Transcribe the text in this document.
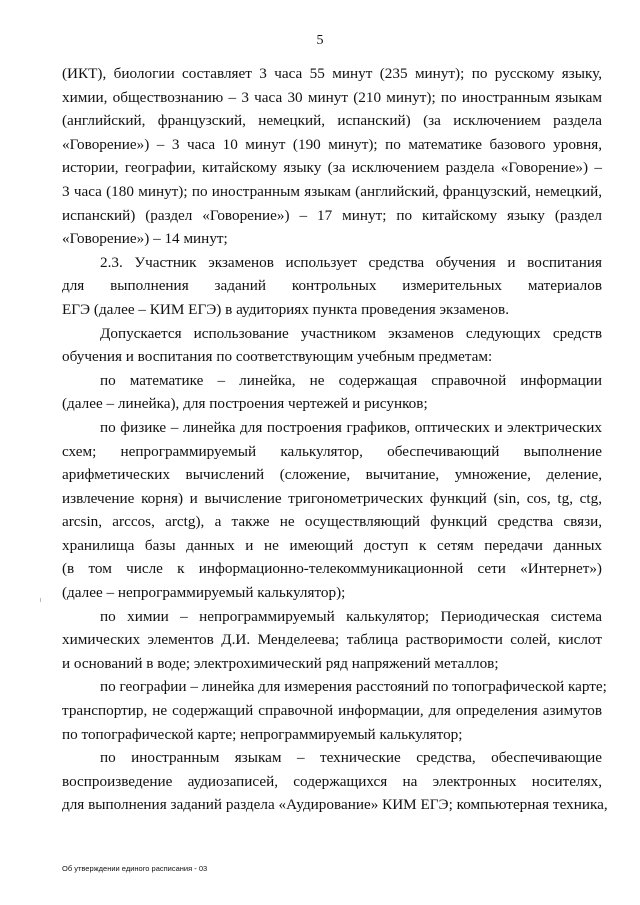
5

(ИКТ), биологии составляет 3 часа 55 минут (235 минут); по русскому языку,
химии, обществознанию – 3 часа 30 минут (210 минут); по иностранным языкам
(английский, французский, немецкий, испанский) (за исключением раздела
«Говорение») – 3 часа 10 минут (190 минут); по математике базового уровня,
истории, географии, китайскому языку (за исключением раздела «Говорение») –
3 часа (180 минут); по иностранным языкам (английский, французский, немецкий,
испанский) (раздел «Говорение») – 17 минут; по китайскому языку (раздел
«Говорение») – 14 минут;

2.3. Участник экзаменов использует средства обучения и воспитания
для выполнения заданий контрольных измерительных материалов
ЕГЭ (далее – КИМ ЕГЭ) в аудиториях пункта проведения экзаменов.

Допускается использование участником экзаменов следующих средств
обучения и воспитания по соответствующим учебным предметам:

по математике – линейка, не содержащая справочной информации
(далее – линейка), для построения чертежей и рисунков;

по физике – линейка для построения графиков, оптических и электрических
схем; непрограммируемый калькулятор, обеспечивающий выполнение
арифметических вычислений (сложение, вычитание, умножение, деление,
извлечение корня) и вычисление тригонометрических функций (sin, cos, tg, ctg,
arcsin, arccos, arctg), а также не осуществляющий функций средства связи,
хранилища базы данных и не имеющий доступ к сетям передачи данных
(в том числе к информационно-телекоммуникационной сети «Интернет»)
(далее – непрограммируемый калькулятор);

по химии – непрограммируемый калькулятор; Периодическая система
химических элементов Д.И. Менделеева; таблица растворимости солей, кислот
и оснований в воде; электрохимический ряд напряжений металлов;

по географии – линейка для измерения расстояний по топографической карте;
транспортир, не содержащий справочной информации, для определения азимутов
по топографической карте; непрограммируемый калькулятор;

по иностранным языкам – технические средства, обеспечивающие
воспроизведение аудиозаписей, содержащихся на электронных носителях,
для выполнения заданий раздела «Аудирование» КИМ ЕГЭ; компьютерная техника,

Об утверждении единого расписания - 03
